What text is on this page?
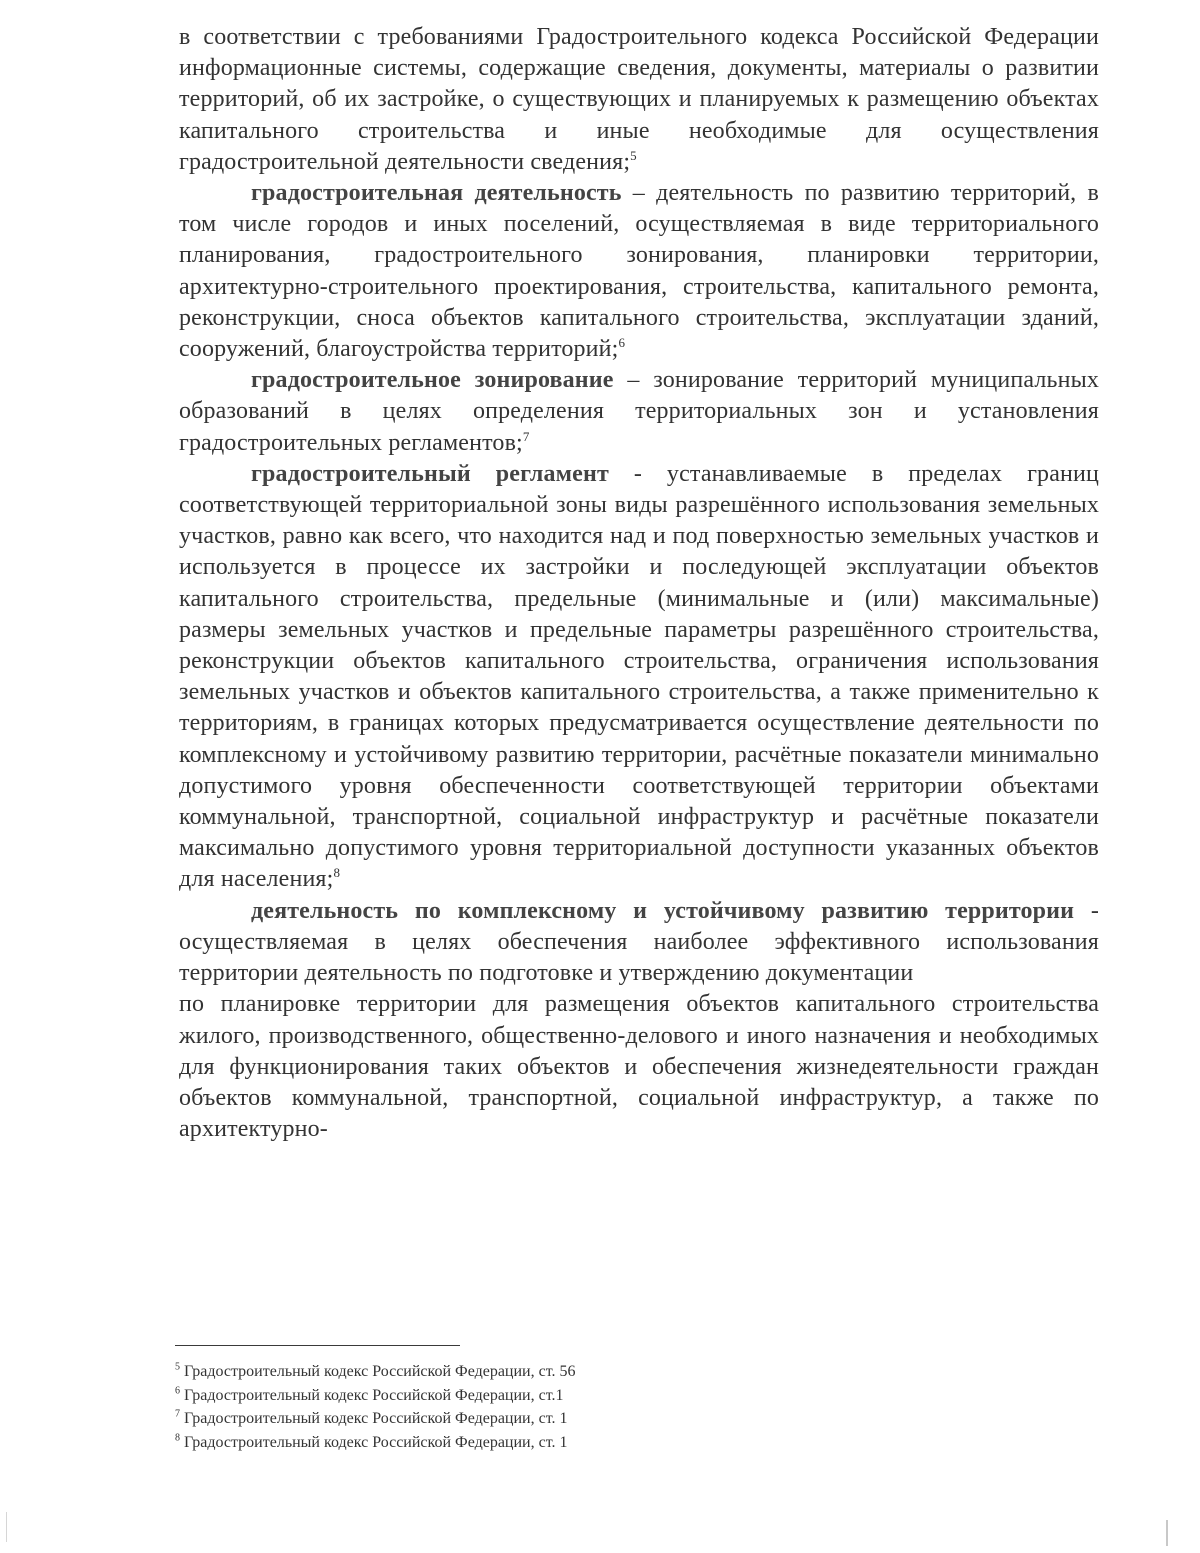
в соответствии с требованиями Градостроительного кодекса Российской Федерации информационные системы, содержащие сведения, документы, материалы о развитии территорий, об их застройке, о существующих и планируемых к размещению объектах капитального строительства и иные необходимые для осуществления градостроительной деятельности сведения;$^5$

градостроительная деятельность – деятельность по развитию территорий, в том числе городов и иных поселений, осуществляемая в виде территориального планирования, градостроительного зонирования, планировки территории, архитектурно-строительного проектирования, строительства, капитального ремонта, реконструкции, сноса объектов капитального строительства, эксплуатации зданий, сооружений, благоустройства территорий;$^6$

градостроительное зонирование – зонирование территорий муниципальных образований в целях определения территориальных зон и установления градостроительных регламентов;$^7$

градостроительный регламент - устанавливаемые в пределах границ соответствующей территориальной зоны виды разрешённого использования земельных участков, равно как всего, что находится над и под поверхностью земельных участков и используется в процессе их застройки и последующей эксплуатации объектов капитального строительства, предельные (минимальные и (или) максимальные) размеры земельных участков и предельные параметры разрешённого строительства, реконструкции объектов капитального строительства, ограничения использования земельных участков и объектов капитального строительства, а также применительно к территориям, в границах которых предусматривается осуществление деятельности по комплексному и устойчивому развитию территории, расчётные показатели минимально допустимого уровня обеспеченности соответствующей территории объектами коммунальной, транспортной, социальной инфраструктур и расчётные показатели максимально допустимого уровня территориальной доступности указанных объектов для населения;$^8$

деятельность по комплексному и устойчивому развитию территории - осуществляемая в целях обеспечения наиболее эффективного использования территории деятельность по подготовке и утверждению документации

по планировке территории для размещения объектов капитального строительства жилого, производственного, общественно-делового и иного назначения и необходимых для функционирования таких объектов и обеспечения жизнедеятельности граждан объектов коммунальной, транспортной, социальной инфраструктур, а также по архитектурно-

$^5$ Градостроительный кодекс Российской Федерации, ст. 56

$^6$ Градостроительный кодекс Российской Федерации, ст.1

$^7$ Градостроительный кодекс Российской Федерации, ст. 1

$^8$ Градостроительный кодекс Российской Федерации, ст. 1
